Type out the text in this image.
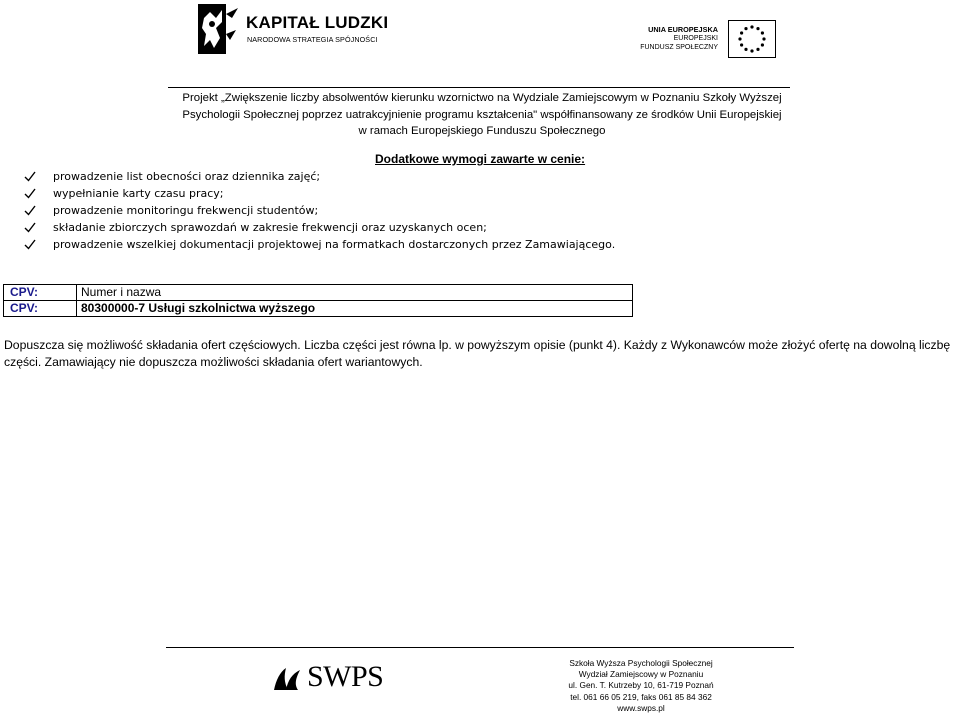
KAPITAŁ LUDZKI
NARODOWA STRATEGIA SPÓJNOŚCI
UNIA EUROPEJSKA
EUROPEJSKI
FUNDUSZ SPOŁECZNY
Projekt „Zwiększenie liczby absolwentów kierunku wzornictwo na Wydziale Zamiejscowym w Poznaniu Szkoły Wyższej
Psychologii Społecznej poprzez uatrakcyjnienie programu kształcenia" współfinansowany ze środków Unii Europejskiej
w ramach Europejskiego Funduszu Społecznego
Dodatkowe wymogi zawarte w cenie:
prowadzenie list obecności oraz dziennika zajęć;
wypełnianie karty czasu pracy;
prowadzenie monitoringu frekwencji studentów;
składanie zbiorczych sprawozdań w zakresie frekwencji oraz uzyskanych ocen;
prowadzenie wszelkiej dokumentacji projektowej na formatkach dostarczonych przez Zamawiającego.
CPV:	Numer i nazwa
CPV:	80300000-7 Usługi szkolnictwa wyższego
Dopuszcza się możliwość składania ofert częściowych. Liczba części jest równa lp. w powyższym opisie (punkt 4). Każdy z Wykonawców może złożyć ofertę na dowolną liczbę części. Zamawiający nie dopuszcza możliwości składania ofert wariantowych.
SWPS	Szkoła Wyższa Psychologii Społecznej
Wydział Zamiejscowy w Poznaniu
ul. Gen. T. Kutrzeby 10, 61-719 Poznań
tel. 061 66 05 219, faks 061 85 84 362
www.swps.pl
